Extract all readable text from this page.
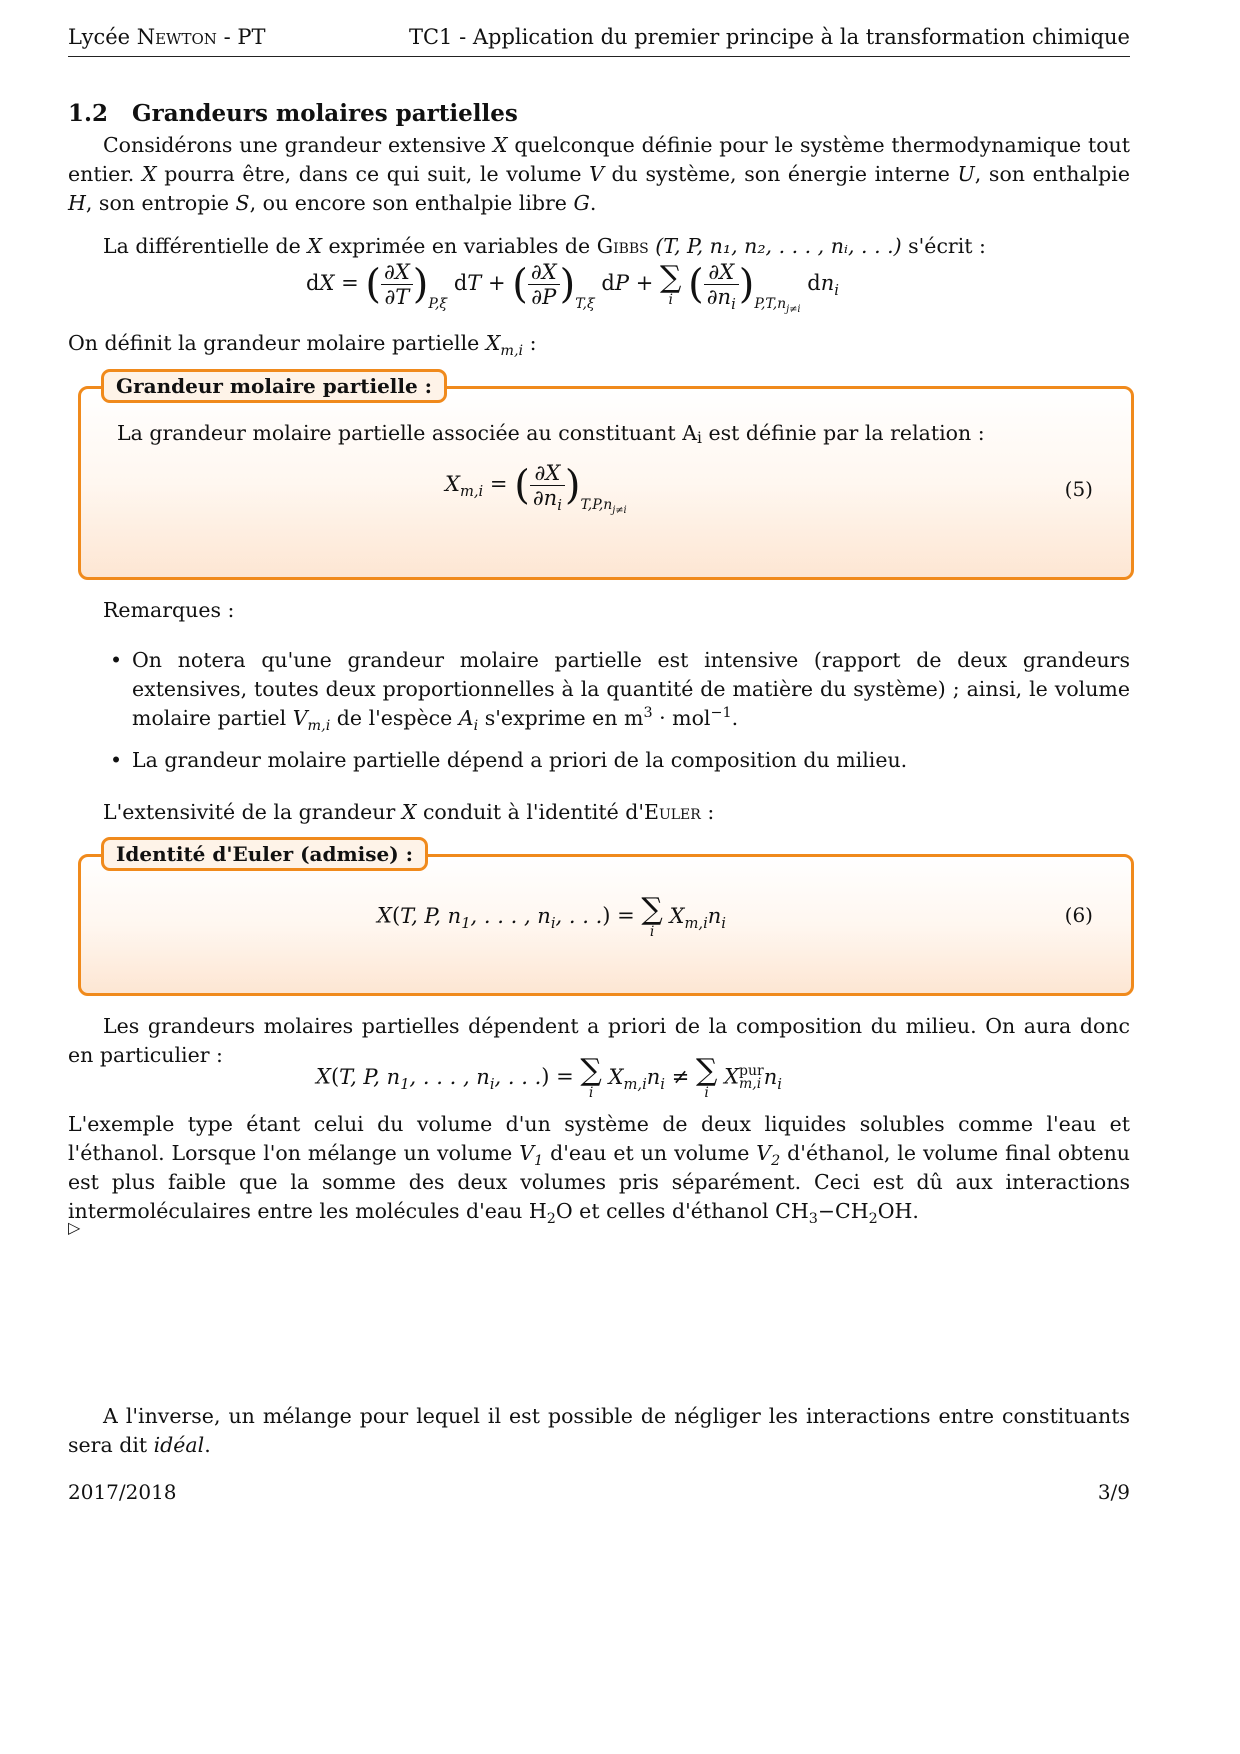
Lycée Newton - PT	TC1 - Application du premier principe à la transformation chimique
1.2 Grandeurs molaires partielles
Considérons une grandeur extensive X quelconque définie pour le système thermodynamique tout entier. X pourra être, dans ce qui suit, le volume V du système, son énergie interne U, son enthalpie H, son entropie S, ou encore son enthalpie libre G.
La différentielle de X exprimée en variables de Gibbs (T, P, n₁, n₂, . . . , nᵢ, . . .) s'écrit :
dX = ( $\frac{\partial X}{\partial T} )_{P,\xi}$ dT + ( $\frac{\partial X}{\partial P} )_{T,\xi}$ dP + ∑
i ( $\frac{\partial X}{\partial n_i} )_{P,T,n_{j\ne i}}$ $dn_i$
On définit la grandeur molaire partielle $X_{m,i}$ :
Grandeur molaire partielle :
La grandeur molaire partielle associée au constituant $A_i$ est définie par la relation :
$X_{m,i}$ = ( $\frac{\partial X}{\partial n_i} )_{T,P,n_{j\ne i}}$
(5)
Remarques :
• On notera qu'une grandeur molaire partielle est intensive (rapport de deux grandeurs extensives, toutes deux proportionnelles à la quantité de matière du système) ; ainsi, le volume molaire partiel $V_{m,i}$ de l'espèce $A_i$ s'exprime en $m^3 \cdot mol^{-1}$.
• La grandeur molaire partielle dépend a priori de la composition du milieu.
L'extensivité de la grandeur X conduit à l'identité d'Euler :
Identité d'Euler (admise) :
X(T, P, $n_1$, . . . , $n_i$, . . .) = ∑
i
$X_{m,i}n_i$	(6)
Les grandeurs molaires partielles dépendent a priori de la composition du milieu. On aura donc en particulier :
X(T, P, $n_1$, . . . , $n_i$, . . .) = ∑
i
$X_{m,i}n_i$ ≠ ∑
i
X pur
m,i $n_i$
L'exemple type étant celui du volume d'un système de deux liquides solubles comme l'eau et l'éthanol. Lorsque l'on mélange un volume $V_1$ d'eau et un volume $V_2$ d'éthanol, le volume final obtenu est plus faible que la somme des deux volumes pris séparément. Ceci est dû aux interactions intermoléculaires entre les molécules d'eau $H_2O$ et celles d'éthanol $CH_3-CH_2OH$.
▷
A l'inverse, un mélange pour lequel il est possible de négliger les interactions entre constituants sera dit idéal.
2017/2018	3/9
